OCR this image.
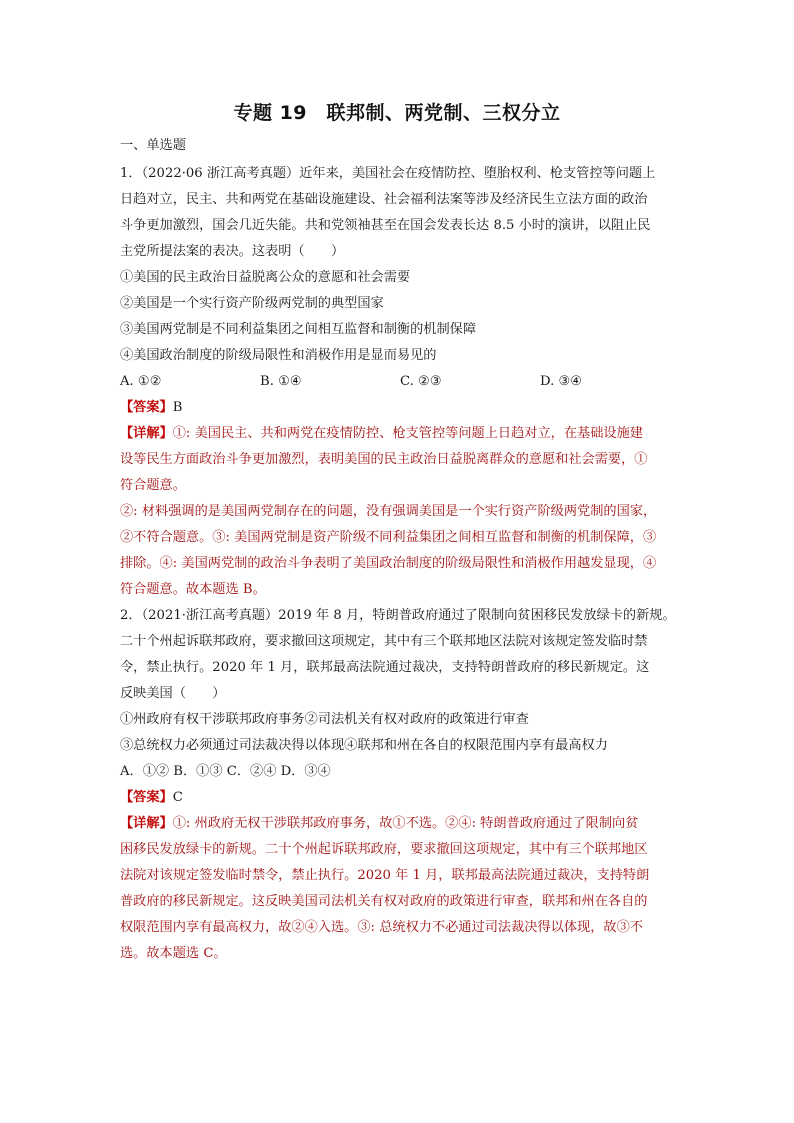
专题 19　联邦制、两党制、三权分立
一、单选题
1．（2022·06 浙江高考真题）近年来，美国社会在疫情防控、堕胎权利、枪支管控等问题上
日趋对立，民主、共和两党在基础设施建设、社会福利法案等涉及经济民生立法方面的政治
斗争更加激烈，国会几近失能。共和党领袖甚至在国会发表长达 8.5 小时的演讲，以阻止民
主党所提法案的表决。这表明（　　）
①美国的民主政治日益脱离公众的意愿和社会需要
②美国是一个实行资产阶级两党制的典型国家
③美国两党制是不同利益集团之间相互监督和制衡的机制保障
④美国政治制度的阶级局限性和消极作用是显而易见的
A. ①②	B. ①④	C. ②③	D. ③④
【答案】B
【详解】①: 美国民主、共和两党在疫情防控、枪支管控等问题上日趋对立，在基础设施建
设等民生方面政治斗争更加激烈，表明美国的民主政治日益脱离群众的意愿和社会需要，①
符合题意。
②: 材料强调的是美国两党制存在的问题，没有强调美国是一个实行资产阶级两党制的国家，
②不符合题意。③: 美国两党制是资产阶级不同利益集团之间相互监督和制衡的机制保障，③
排除。④: 美国两党制的政治斗争表明了美国政治制度的阶级局限性和消极作用越发显现，④
符合题意。故本题选 B。
2．（2021·浙江高考真题）2019 年 8 月，特朗普政府通过了限制向贫困移民发放绿卡的新规。
二十个州起诉联邦政府，要求撤回这项规定，其中有三个联邦地区法院对该规定签发临时禁
令，禁止执行。2020 年 1 月，联邦最高法院通过裁决，支持特朗普政府的移民新规定。这
反映美国（　　）
①州政府有权干涉联邦政府事务②司法机关有权对政府的政策进行审查
③总统权力必须通过司法裁决得以体现④联邦和州在各自的权限范围内享有最高权力
A．①② B．①③ C．②④ D．③④
【答案】C
【详解】①: 州政府无权干涉联邦政府事务，故①不选。②④: 特朗普政府通过了限制向贫
困移民发放绿卡的新规。二十个州起诉联邦政府，要求撤回这项规定，其中有三个联邦地区
法院对该规定签发临时禁令，禁止执行。2020 年 1 月，联邦最高法院通过裁决，支持特朗
普政府的移民新规定。这反映美国司法机关有权对政府的政策进行审查，联邦和州在各自的
权限范围内享有最高权力，故②④入选。③: 总统权力不必通过司法裁决得以体现，故③不
选。故本题选 C。
